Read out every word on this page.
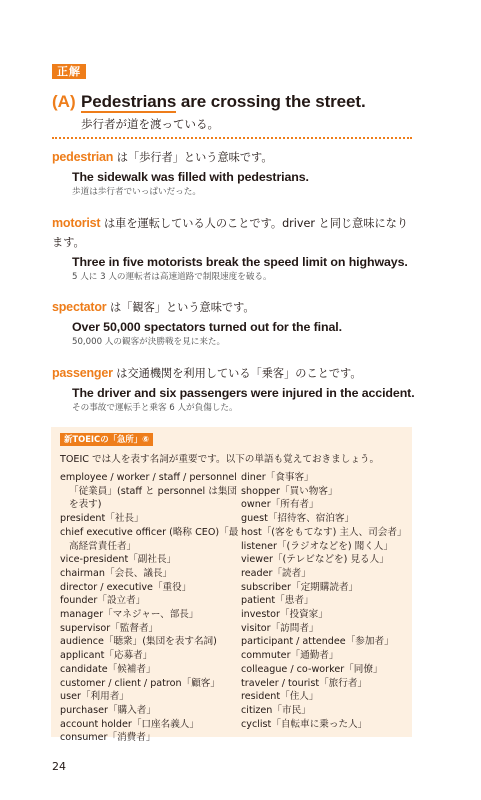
正解
(A) Pedestrians are crossing the street.
歩行者が道を渡っている。
pedestrian は「歩行者」という意味です。
The sidewalk was filled with pedestrians.
歩道は歩行者でいっぱいだった。
motorist は車を運転している人のことです。driver と同じ意味になります。
Three in five motorists break the speed limit on highways.
5 人に 3 人の運転者は高速道路で制限速度を破る。
spectator は「観客」という意味です。
Over 50,000 spectators turned out for the final.
50,000 人の観客が決勝戦を見に来た。
passenger は交通機関を利用している「乗客」のことです。
The driver and six passengers were injured in the accident.
その事故で運転手と乗客 6 人が負傷した。
新TOEICの「急所」⑥
TOEIC では人を表す名詞が重要です。以下の単語も覚えておきましょう。
employee / worker / staff / personnel「従業員」(staff と personnel は集団を表す)
president「社長」
chief executive officer (略称 CEO)「最高経営責任者」
vice-president「副社長」
chairman「会長、議長」
director / executive「重役」
founder「設立者」
manager「マネジャー、部長」
supervisor「監督者」
audience「聴衆」(集団を表す名詞)
applicant「応募者」
candidate「候補者」
customer / client / patron「顧客」
user「利用者」
purchaser「購入者」
account holder「口座名義人」
consumer「消費者」
diner「食事客」
shopper「買い物客」
owner「所有者」
guest「招待客、宿泊客」
host「(客をもてなす) 主人、司会者」
listener「(ラジオなどを) 聞く人」
viewer「(テレビなどを) 見る人」
reader「読者」
subscriber「定期購読者」
patient「患者」
investor「投資家」
visitor「訪問者」
participant / attendee「参加者」
commuter「通勤者」
colleague / co-worker「同僚」
traveler / tourist「旅行者」
resident「住人」
citizen「市民」
cyclist「自転車に乗った人」
24
